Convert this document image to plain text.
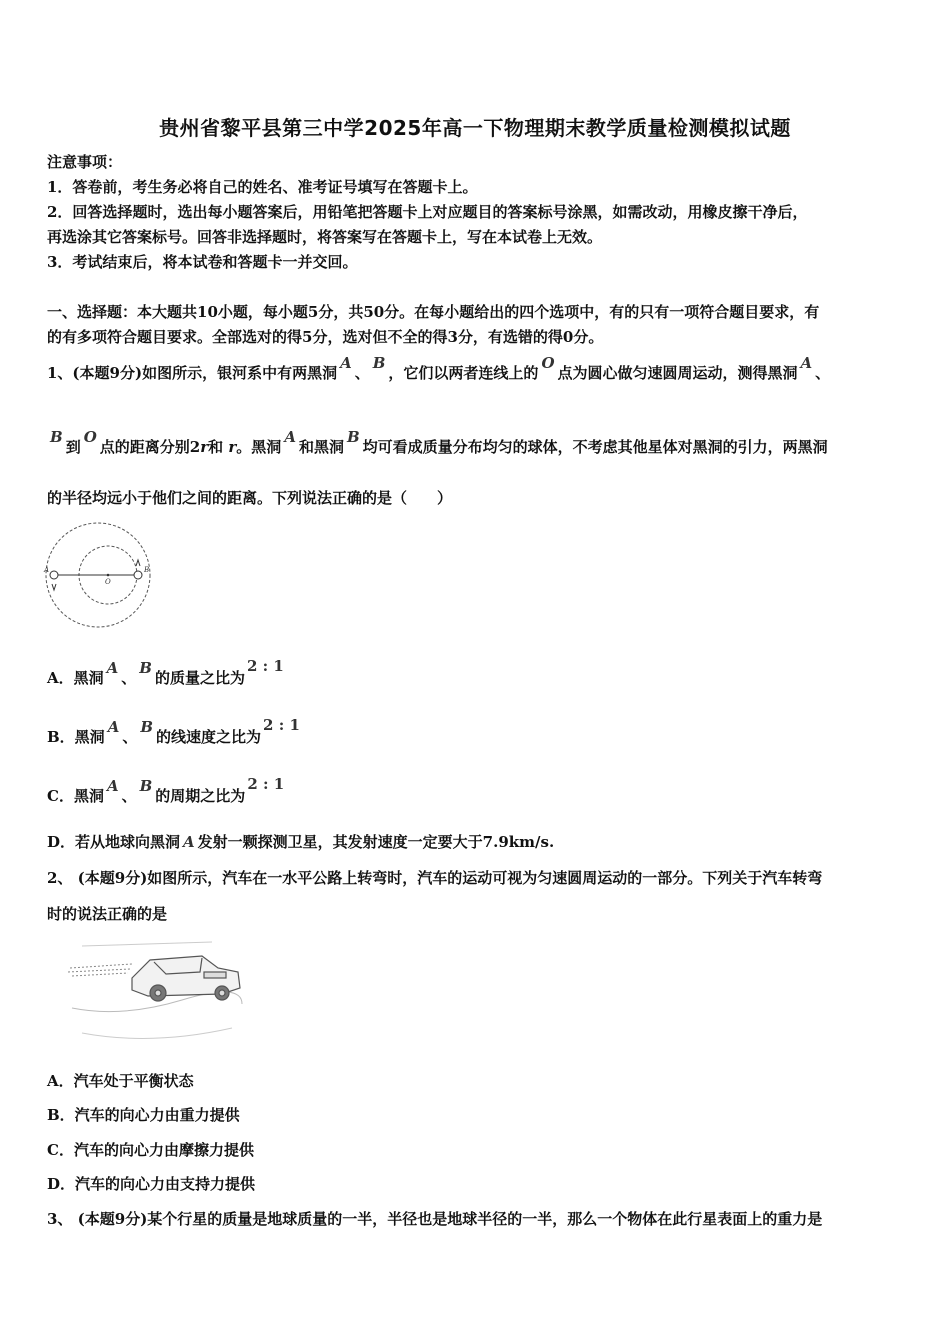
贵州省黎平县第三中学2025年高一下物理期末教学质量检测模拟试题
注意事项：
1．答卷前，考生务必将自己的姓名、准考证号填写在答题卡上。
2．回答选择题时，选出每小题答案后，用铅笔把答题卡上对应题目的答案标号涂黑，如需改动，用橡皮擦干净后，
再选涂其它答案标号。回答非选择题时，将答案写在答题卡上，写在本试卷上无效。
3．考试结束后，将本试卷和答题卡一并交回。
一、选择题：本大题共10小题，每小题5分，共50分。在每小题给出的四个选项中，有的只有一项符合题目要求，有
的有多项符合题目要求。全部选对的得5分，选对但不全的得3分，有选错的得0分。
1、(本题9分)如图所示，银河系中有两黑洞A、B，它们以两者连线上的O点为圆心做匀速圆周运动，测得黑洞A、
B到O点的距离分别2r和 r。黑洞A和黑洞B均可看成质量分布均匀的球体，不考虑其他星体对黑洞的引力，两黑洞
的半径均远小于他们之间的距离。下列说法正确的是（　　）
A
O
B
A．黑洞A、B的质量之比为2 : 1
B．黑洞A、B的线速度之比为2 : 1
C．黑洞A、B的周期之比为2 : 1
D．若从地球向黑洞 A 发射一颗探测卫星，其发射速度一定要大于7.9km/s.
2、 (本题9分)如图所示，汽车在一水平公路上转弯时，汽车的运动可视为匀速圆周运动的一部分。下列关于汽车转弯
时的说法正确的是
A．汽车处于平衡状态
B．汽车的向心力由重力提供
C．汽车的向心力由摩擦力提供
D．汽车的向心力由支持力提供
3、 (本题9分)某个行星的质量是地球质量的一半，半径也是地球半径的一半，那么一个物体在此行星表面上的重力是
